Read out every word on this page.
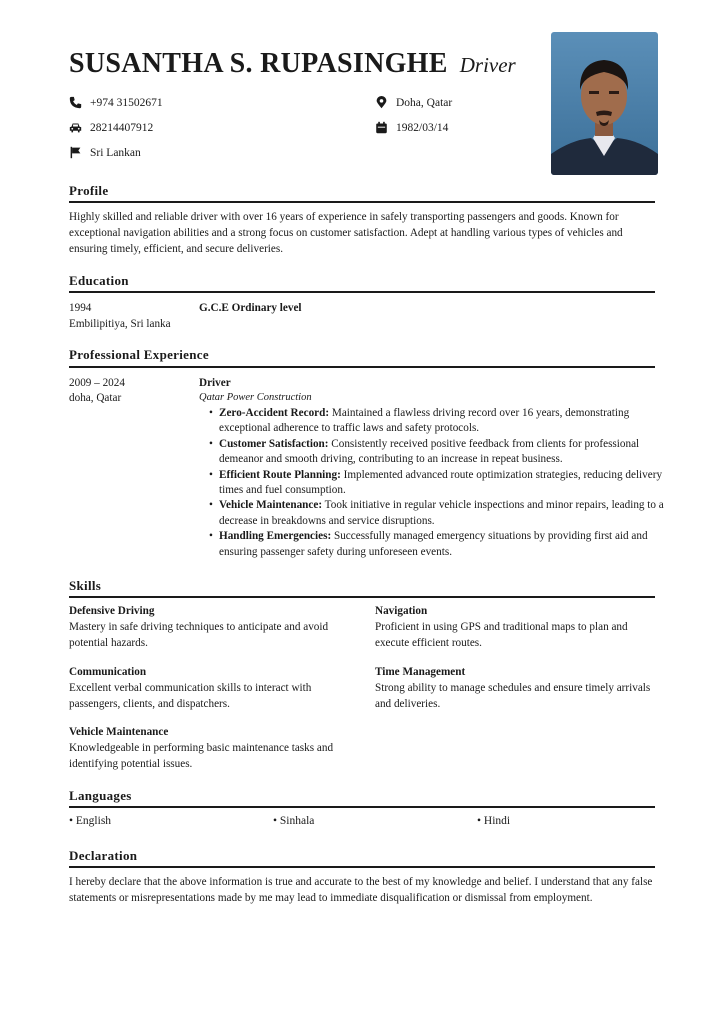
SUSANTHA S. RUPASINGHE Driver
+974 31502671
28214407912
Sri Lankan
Doha, Qatar
1982/03/14
Profile
Highly skilled and reliable driver with over 16 years of experience in safely transporting passengers and goods. Known for exceptional navigation abilities and a strong focus on customer satisfaction. Adept at handling various types of vehicles and ensuring timely, efficient, and secure deliveries.
Education
1994
Embilipitiya, Sri lanka
G.C.E Ordinary level
Professional Experience
2009 – 2024
doha, Qatar
Driver
Qatar Power Construction
• Zero-Accident Record: Maintained a flawless driving record over 16 years, demonstrating exceptional adherence to traffic laws and safety protocols.
• Customer Satisfaction: Consistently received positive feedback from clients for professional demeanor and smooth driving, contributing to an increase in repeat business.
• Efficient Route Planning: Implemented advanced route optimization strategies, reducing delivery times and fuel consumption.
• Vehicle Maintenance: Took initiative in regular vehicle inspections and minor repairs, leading to a decrease in breakdowns and service disruptions.
• Handling Emergencies: Successfully managed emergency situations by providing first aid and ensuring passenger safety during unforeseen events.
Skills
Defensive Driving
Mastery in safe driving techniques to anticipate and avoid potential hazards.
Navigation
Proficient in using GPS and traditional maps to plan and execute efficient routes.
Communication
Excellent verbal communication skills to interact with passengers, clients, and dispatchers.
Time Management
Strong ability to manage schedules and ensure timely arrivals and deliveries.
Vehicle Maintenance
Knowledgeable in performing basic maintenance tasks and identifying potential issues.
Languages
• English	• Sinhala	• Hindi
Declaration
I hereby declare that the above information is true and accurate to the best of my knowledge and belief. I understand that any false statements or misrepresentations made by me may lead to immediate disqualification or dismissal from employment.
